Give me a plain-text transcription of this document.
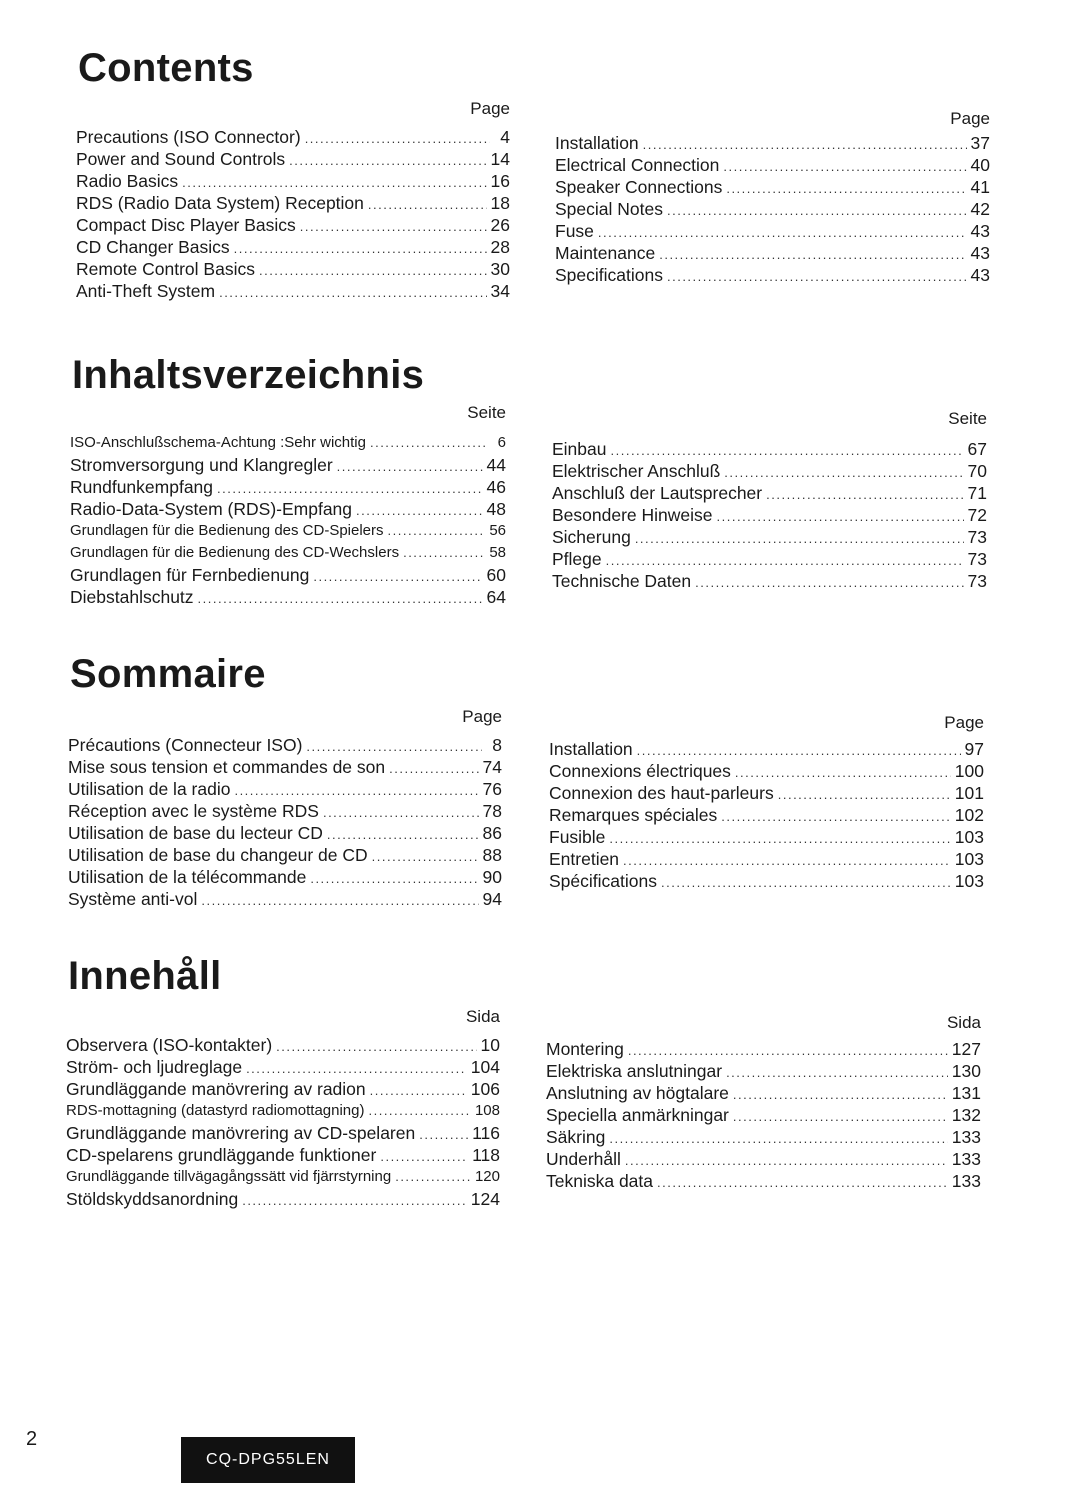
Contents
Page
Precautions (ISO Connector) .....	4
Power and Sound Controls .....	14
Radio Basics .....	16
RDS (Radio Data System) Reception .....	18
Compact Disc Player Basics .....	26
CD Changer Basics .....	28
Remote Control Basics .....	30
Anti-Theft System .....	34
Page
Installation .....	37
Electrical Connection .....	40
Speaker Connections .....	41
Special Notes .....	42
Fuse .....	43
Maintenance .....	43
Specifications .....	43
Inhaltsverzeichnis
Seite
ISO-Anschlußschema-Achtung :Sehr wichtig .....	6
Stromversorgung und Klangregler .....	44
Rundfunkempfang .....	46
Radio-Data-System (RDS)-Empfang .....	48
Grundlagen für die Bedienung des CD-Spielers .....	56
Grundlagen für die Bedienung des CD-Wechslers .....	58
Grundlagen für Fernbedienung .....	60
Diebstahlschutz .....	64
Seite
Einbau .....	67
Elektrischer Anschluß .....	70
Anschluß der Lautsprecher .....	71
Besondere Hinweise .....	72
Sicherung .....	73
Pflege .....	73
Technische Daten .....	73
Sommaire
Page
Précautions (Connecteur ISO) .....	8
Mise sous tension et commandes de son .....	74
Utilisation de la radio .....	76
Réception avec le système RDS .....	78
Utilisation de base du lecteur CD .....	86
Utilisation de base du changeur de CD .....	88
Utilisation de la télécommande .....	90
Système anti-vol .....	94
Page
Installation .....	97
Connexions électriques .....	100
Connexion des haut-parleurs .....	101
Remarques spéciales .....	102
Fusible .....	103
Entretien .....	103
Spécifications .....	103
Innehåll
Sida
Observera (ISO-kontakter) .....	10
Ström- och ljudreglage .....	104
Grundläggande manövrering av radion .....	106
RDS-mottagning (datastyrd radiomottagning) .....	108
Grundläggande manövrering av CD-spelaren .....	116
CD-spelarens grundläggande funktioner .....	118
Grundläggande tillvägagångssätt vid fjärrstyrning .....	120
Stöldskyddsanordning .....	124
Sida
Montering .....	127
Elektriska anslutningar .....	130
Anslutning av högtalare .....	131
Speciella anmärkningar .....	132
Säkring .....	133
Underhåll .....	133
Tekniska data .....	133
2
CQ-DPG55LEN
